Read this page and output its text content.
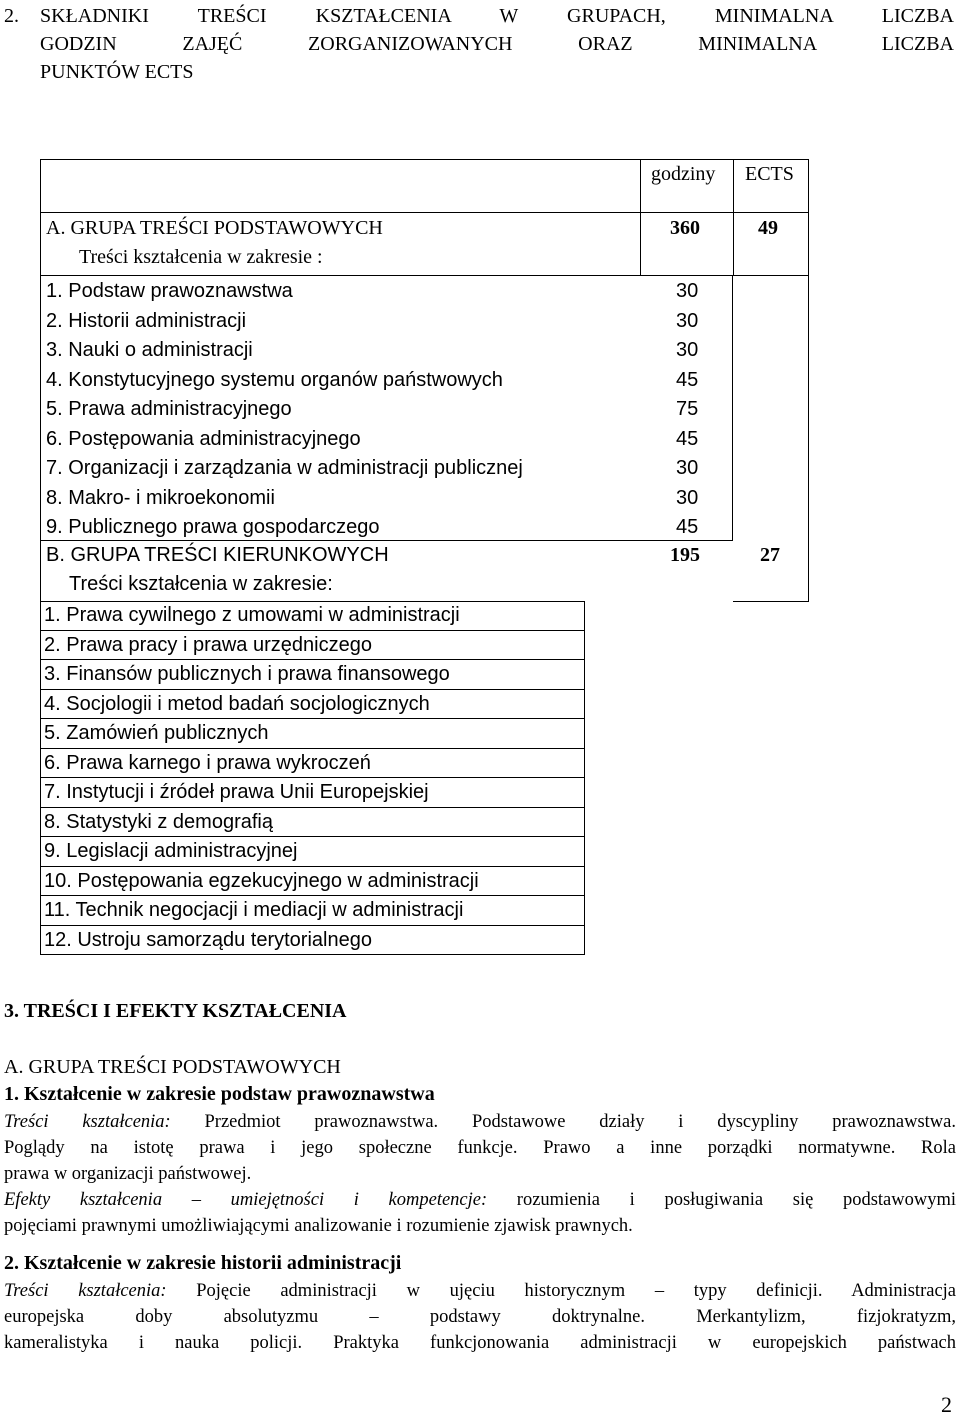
2.	SKŁADNIKI TREŚCI KSZTAŁCENIA W GRUPACH, MINIMALNA LICZBA
GODZIN ZAJĘĆ ZORGANIZOWANYCH ORAZ MINIMALNA LICZBA
PUNKTÓW ECTS
godziny ECTS
A. GRUPA TREŚCI PODSTAWOWYCH
Treści kształcenia w zakresie :
360	49
1. Podstaw prawoznawstwa	30
2. Historii administracji	30
3. Nauki o administracji	30
4. Konstytucyjnego systemu organów państwowych	45
5. Prawa administracyjnego	75
6. Postępowania administracyjnego	45
7. Organizacji i zarządzania w administracji publicznej	30
8. Makro- i mikroekonomii	30
9. Publicznego prawa gospodarczego	45
B. GRUPA TREŚCI KIERUNKOWYCH
Treści kształcenia w zakresie:
195	27
1. Prawa cywilnego z umowami w administracji
2. Prawa pracy i prawa urzędniczego
3. Finansów publicznych i prawa finansowego
4. Socjologii i metod badań socjologicznych
5. Zamówień publicznych
6. Prawa karnego i prawa wykroczeń
7. Instytucji i źródeł prawa Unii Europejskiej
8. Statystyki z demografią
9. Legislacji administracyjnej
10. Postępowania egzekucyjnego w administracji
11. Technik negocjacji i mediacji w administracji
12. Ustroju samorządu terytorialnego
3. TREŚCI I EFEKTY KSZTAŁCENIA
A. GRUPA TREŚCI PODSTAWOWYCH
1. Kształcenie w zakresie podstaw prawoznawstwa
Treści kształcenia: Przedmiot prawoznawstwa. Podstawowe działy i dyscypliny prawoznawstwa.
Poglądy na istotę prawa i jego społeczne funkcje. Prawo a inne porządki normatywne. Rola
prawa w organizacji państwowej.
Efekty kształcenia – umiejętności i kompetencje: rozumienia i posługiwania się podstawowymi
pojęciami prawnymi umożliwiającymi analizowanie i rozumienie zjawisk prawnych.
2. Kształcenie w zakresie historii administracji
Treści kształcenia: Pojęcie administracji w ujęciu historycznym – typy definicji. Administracja
europejska doby absolutyzmu – podstawy doktrynalne. Merkantylizm, fizjokratyzm,
kameralistyka i nauka policji. Praktyka funkcjonowania administracji w europejskich państwach
2
